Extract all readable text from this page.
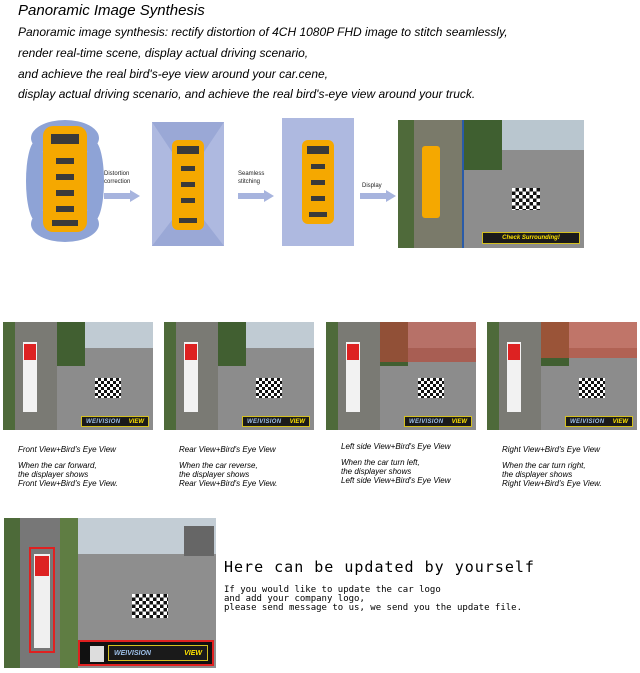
Panoramic Image Synthesis
Panoramic image synthesis: rectify distortion of 4CH 1080P FHD image to stitch seamlessly,
render real-time scene, display actual driving scenario,
and achieve the real bird's-eye view around your car.cene,
display actual driving scenario, and achieve the real bird's-eye view around your truck.
Distortion
correction
Seamless
stitching
Display
Check Surrounding!
WEIVISION VIEW
Front View+Bird's Eye View
When the car forward,
the displayer shows
Front View+Bird's Eye View.
WEIVISION VIEW
Rear View+Bird's Eye View
When the car reverse,
the displayer shows
Rear View+Bird's Eye View.
WEIVISION VIEW
Left side View+Bird's Eye View
When the car turn left,
the displayer shows
Left side View+Bird's Eye View
WEIVISION VIEW
Right View+Bird's Eye View
When the car turn right,
the displayer shows
Right View+Bird's Eye View.
WEIVISION	VIEW
Here can be updated by yourself
If you would like to update the car logo
and add your company logo,
please send message to us, we send you the update file.
